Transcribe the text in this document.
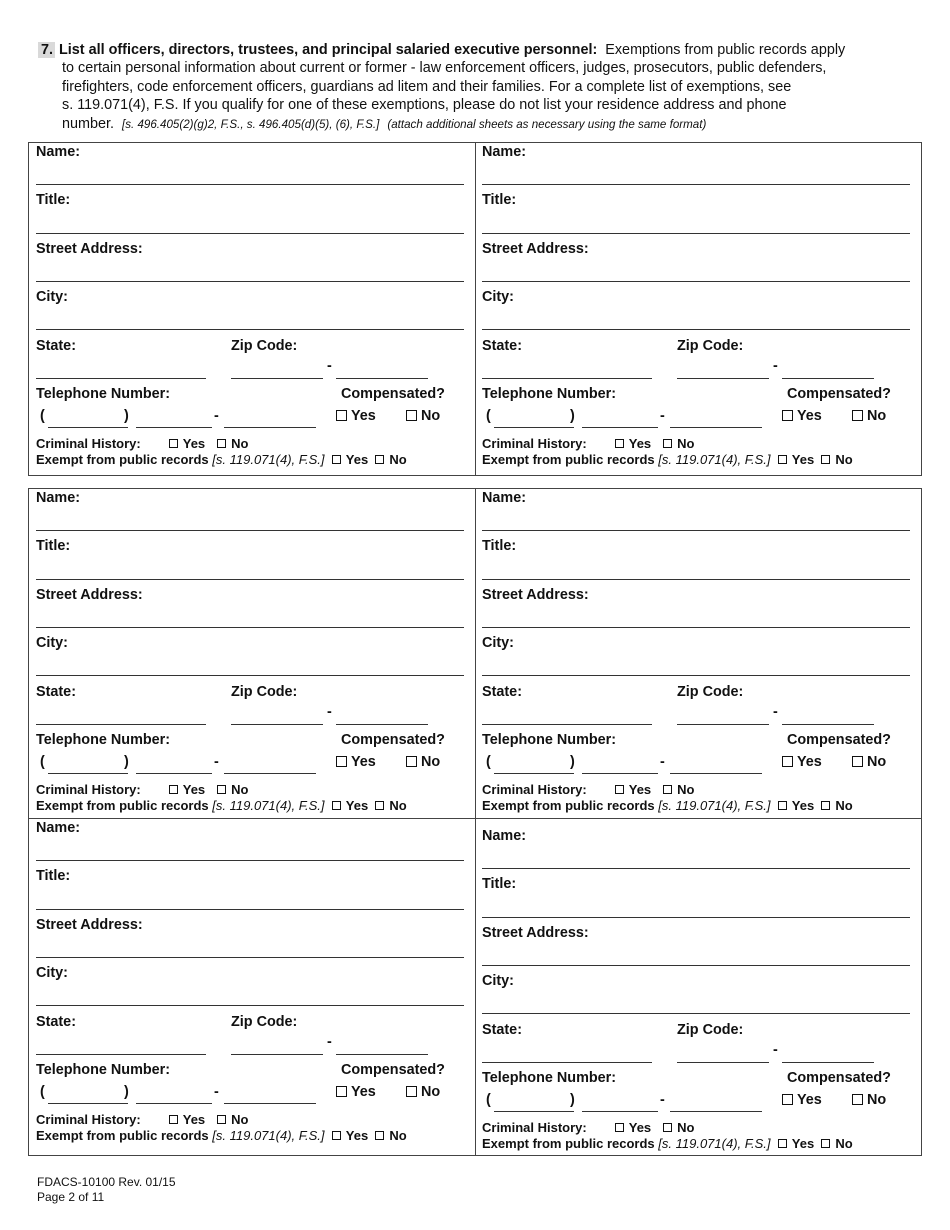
7. List all officers, directors, trustees, and principal salaried executive personnel: Exemptions from public records apply
to certain personal information about current or former - law enforcement officers, judges, prosecutors, public defenders,
firefighters, code enforcement officers, guardians ad litem and their families. For a complete list of exemptions, see
s. 119.071(4), F.S. If you qualify for one of these exemptions, please do not list your residence address and phone
number. [s. 496.405(2)(g)2, F.S., s. 496.405(d)(5), (6), F.S.] (attach additional sheets as necessary using the same format)
Name:
Title:
Street Address:
City:
State:	Zip Code:
-
Telephone Number:	Compensated?
(	)	-	Yes	No
Criminal History:	Yes No
Exempt from public records [s. 119.071(4), F.S.] Yes No
Name:
Title:
Street Address:
City:
State:	Zip Code:
-
Telephone Number:	Compensated?
(	)	-	Yes	No
Criminal History:	Yes No
Exempt from public records [s. 119.071(4), F.S.] Yes No
Name:
Title:
Street Address:
City:
State:	Zip Code:
-
Telephone Number:	Compensated?
(	)	-	Yes	No
Criminal History:	Yes No
Exempt from public records [s. 119.071(4), F.S.] Yes No
Name:
Title:
Street Address:
City:
State:	Zip Code:
-
Telephone Number:	Compensated?
(	)	-	Yes	No
Criminal History:	Yes No
Exempt from public records [s. 119.071(4), F.S.] Yes No
Name:
Title:
Street Address:
City:
State:	Zip Code:
-
Telephone Number:	Compensated?
(	)	-	Yes	No
Criminal History:	Yes No
Exempt from public records [s. 119.071(4), F.S.] Yes No
Name:
Title:
Street Address:
City:
State:	Zip Code:
-
Telephone Number:	Compensated?
(	)	-	Yes	No
Criminal History:	Yes No
Exempt from public records [s. 119.071(4), F.S.] Yes No
FDACS-10100 Rev. 01/15
Page 2 of 11
